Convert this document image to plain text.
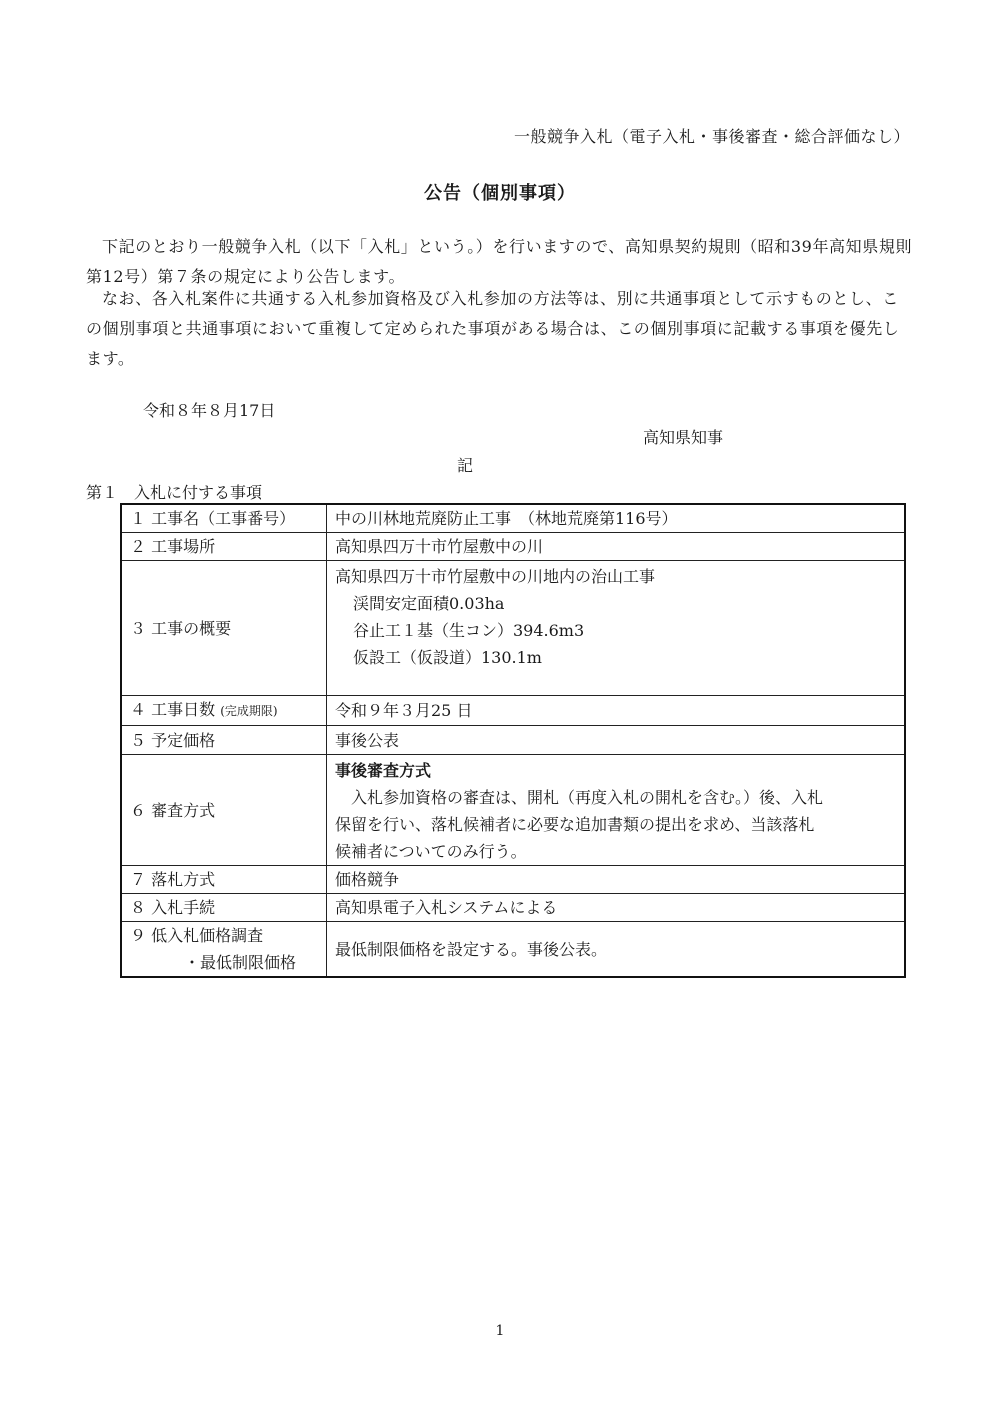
一般競争入札（電子入札・事後審査・総合評価なし）
公告（個別事項）
下記のとおり一般競争入札（以下「入札」という。）を行いますので、高知県契約規則（昭和39年高知県規則第12号）第７条の規定により公告します。
なお、各入札案件に共通する入札参加資格及び入札参加の方法等は、別に共通事項として示すものとし、この個別事項と共通事項において重複して定められた事項がある場合は、この個別事項に記載する事項を優先します。
令和８年８月17日
高知県知事
記
第１　入札に付する事項
１ 工事名（工事番号）	中の川林地荒廃防止工事　（林地荒廃第116号）
２ 工事場所	高知県四万十市竹屋敷中の川
３ 工事の概要	高知県四万十市竹屋敷中の川地内の治山工事
渓間安定面積0.03ha
谷止工１基（生コン）394.6m3
仮設工（仮設道）130.1m

４ 工事日数 (完成期限)	令和９年３月25 日
５ 予定価格	事後公表
６ 審査方式	事後審査方式
入札参加資格の審査は、開札（再度入札の開札を含む。）後、入札
保留を行い、落札候補者に必要な追加書類の提出を求め、当該落札
候補者についてのみ行う。

７ 落札方式	価格競争
８ 入札手続	高知県電子入札システムによる

９ 低入札価格調査
・最低制限価格	最低制限価格を設定する。事後公表。
1
